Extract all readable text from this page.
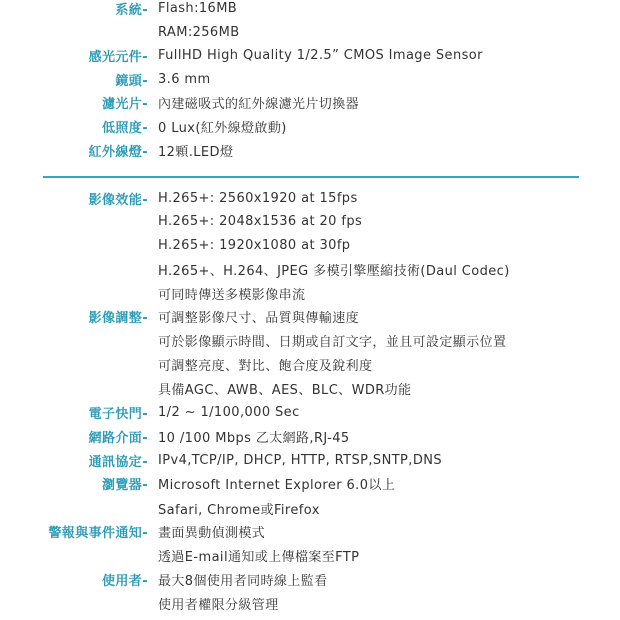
系統- Flash:16MB
RAM:256MB
感光元件- FullHD High Quality 1/2.5” CMOS Image Sensor
鏡頭- 3.6 mm
濾光片- 內建磁吸式的紅外線濾光片切換器
低照度- 0 Lux(紅外線燈啟動)
紅外線燈- 12顆.LED燈
影像效能- H.265+: 2560x1920 at 15fps
H.265+: 2048x1536 at 20 fps
H.265+: 1920x1080 at 30fp
H.265+、H.264、JPEG 多模引擎壓縮技術(Daul Codec)
可同時傳送多模影像串流
影像調整- 可調整影像尺寸、品質與傳輸速度
可於影像顯示時間、日期或自訂文字，並且可設定顯示位置
可調整亮度、對比、飽合度及銳利度
具備AGC、AWB、AES、BLC、WDR功能
電子快門- 1/2 ~ 1/100,000 Sec
網路介面- 10 /100 Mbps 乙太網路,RJ-45
通訊協定- IPv4,TCP/IP, DHCP, HTTP, RTSP,SNTP,DNS
瀏覽器- Microsoft Internet Explorer 6.0以上
Safari, Chrome或Firefox
警報與事件通知- 畫面異動偵測模式
透過E-mail通知或上傳檔案至FTP
使用者- 最大8個使用者同時線上監看
使用者權限分級管理
